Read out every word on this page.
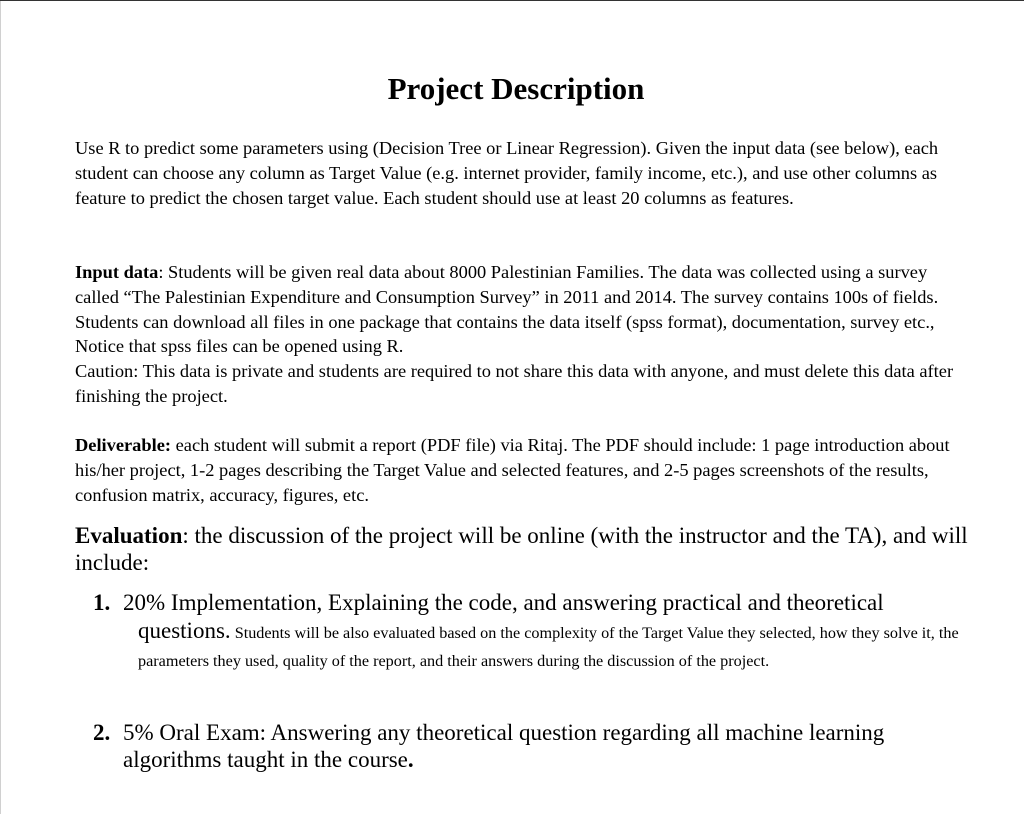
Project Description

Use R to predict some parameters using (Decision Tree or Linear Regression). Given the input data (see below), each student can choose any column as Target Value (e.g. internet provider, family income, etc.), and use other columns as feature to predict the chosen target value. Each student should use at least 20 columns as features.

Input data: Students will be given real data about 8000 Palestinian Families. The data was collected using a survey called “The Palestinian Expenditure and Consumption Survey” in 2011 and 2014. The survey contains 100s of fields. Students can download all files in one package that contains the data itself (spss format), documentation, survey etc., Notice that spss files can be opened using R.

Caution: This data is private and students are required to not share this data with anyone, and must delete this data after finishing the project.

Deliverable: each student will submit a report (PDF file) via Ritaj. The PDF should include: 1 page introduction about his/her project, 1-2 pages describing the Target Value and selected features, and 2-5 pages screenshots of the results, confusion matrix, accuracy, figures, etc.

Evaluation: the discussion of the project will be online (with the instructor and the TA), and will include:

1. 20% Implementation, Explaining the code, and answering practical and theoretical
questions. Students will be also evaluated based on the complexity of the Target Value they selected, how they solve it, the parameters they used, quality of the report, and their answers during the discussion of the project.
2. 5% Oral Exam: Answering any theoretical question regarding all machine learning algorithms taught in the course.
